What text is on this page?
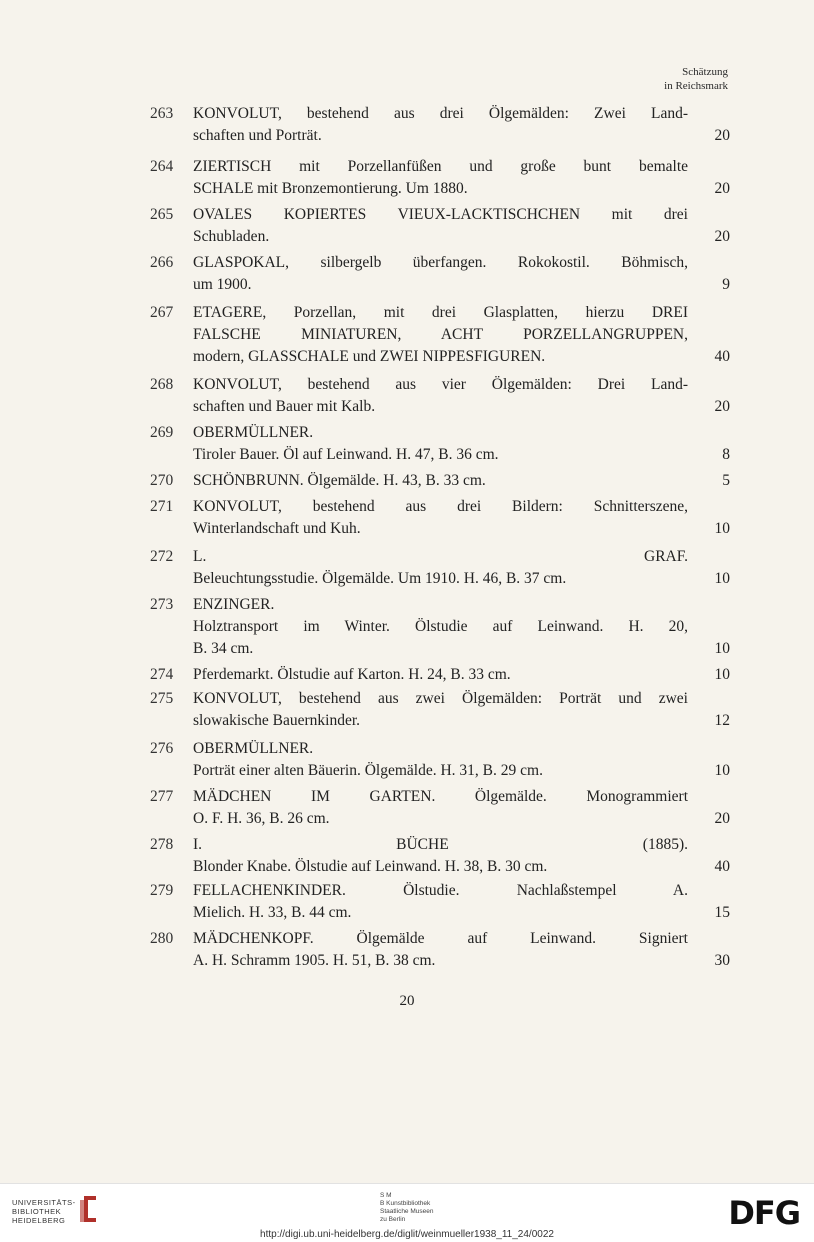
Schätzung
in Reichsmark
263	KONVOLUT, bestehend aus drei Ölgemälden: Zwei Land-
schaften und Porträt.	20
264	ZIERTISCH mit Porzellanfüßen und große bunt bemalte
SCHALE mit Bronzemontierung. Um 1880.	20
265	OVALES KOPIERTES VIEUX-LACKTISCHCHEN mit drei
Schubladen.	20
266	GLASPOKAL, silbergelb überfangen. Rokokostil. Böhmisch,
um 1900.	9
267	ETAGERE, Porzellan, mit drei Glasplatten, hierzu DREI
FALSCHE MINIATUREN, ACHT PORZELLANGRUPPEN,
modern, GLASSCHALE und ZWEI NIPPESFIGUREN.	40
268	KONVOLUT, bestehend aus vier Ölgemälden: Drei Land-
schaften und Bauer mit Kalb.	20
269	OBERMÜLLNER.
Tiroler Bauer. Öl auf Leinwand. H. 47, B. 36 cm.	8
270	SCHÖNBRUNN. Ölgemälde. H. 43, B. 33 cm.	5
271	KONVOLUT, bestehend aus drei Bildern: Schnitterszene,
Winterlandschaft und Kuh.	10
272	L. GRAF.
Beleuchtungsstudie. Ölgemälde. Um 1910. H. 46, B. 37 cm.	10
273	ENZINGER.
Holztransport im Winter. Ölstudie auf Leinwand. H. 20,
B. 34 cm.	10
274	Pferdemarkt. Ölstudie auf Karton. H. 24, B. 33 cm.	10
275	KONVOLUT, bestehend aus zwei Ölgemälden: Porträt und zwei
slowakische Bauernkinder.	12
276	OBERMÜLLNER.
Porträt einer alten Bäuerin. Ölgemälde. H. 31, B. 29 cm.	10
277	MÄDCHEN IM GARTEN. Ölgemälde. Monogrammiert
O. F. H. 36, B. 26 cm.	20
278	I. BÜCHE (1885).
Blonder Knabe. Ölstudie auf Leinwand. H. 38, B. 30 cm.	40
279	FELLACHENKINDER. Ölstudie. Nachlaßstempel A.
Mielich. H. 33, B. 44 cm.	15
280	MÄDCHENKOPF. Ölgemälde auf Leinwand. Signiert
A. H. Schramm 1905. H. 51, B. 38 cm.	30
20
UNIVERSITÄTS-
BIBLIOTHEK
HEIDELBERG
S M
B Kunstbibliothek
Staatliche Museen
zu Berlin	DFG
http://digi.ub.uni-heidelberg.de/diglit/weinmueller1938_11_24/0022
